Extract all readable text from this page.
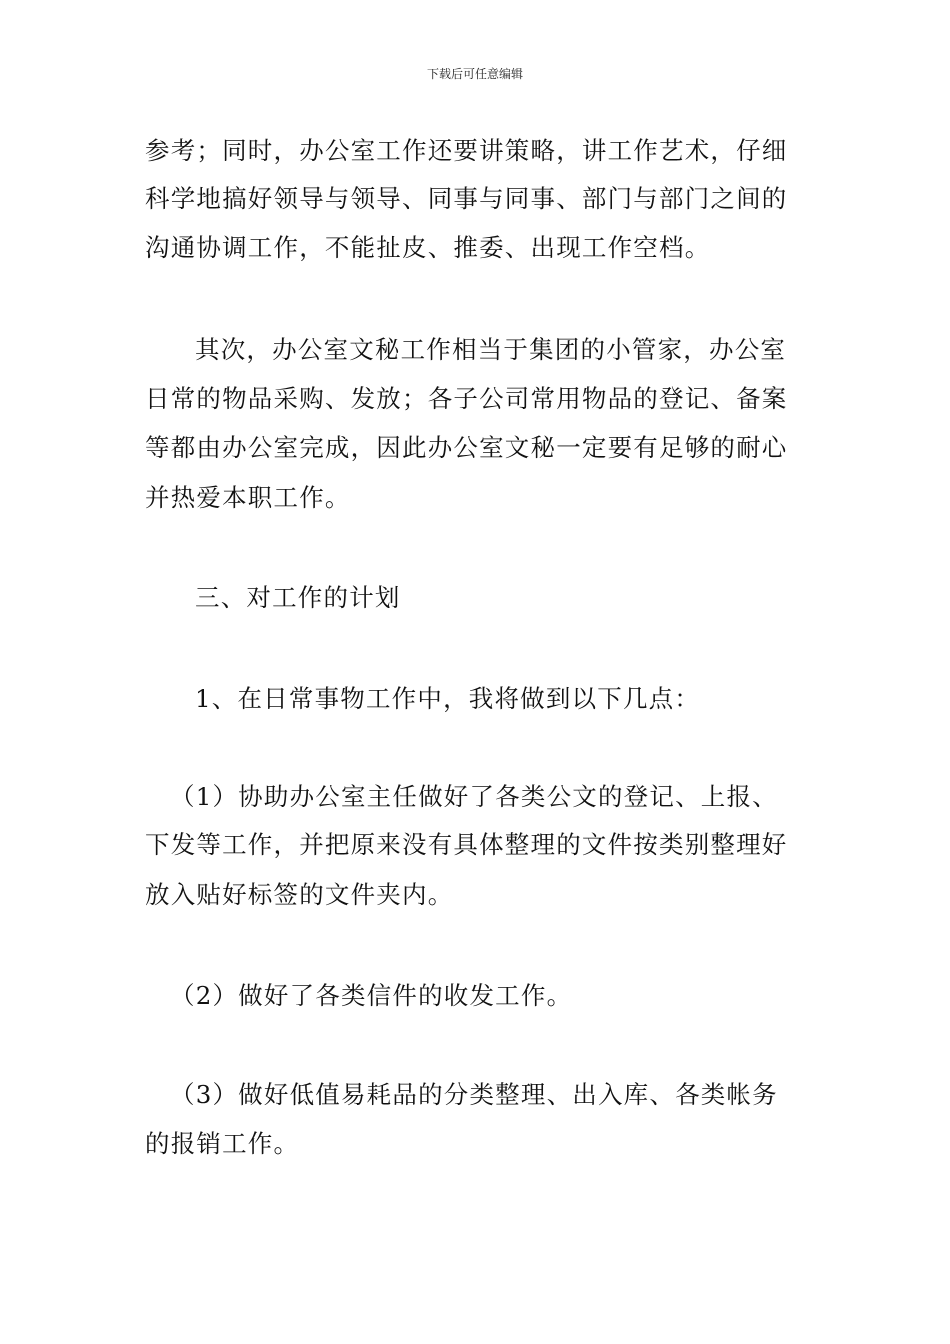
下载后可任意编辑
参考；同时，办公室工作还要讲策略，讲工作艺术，仔细
科学地搞好领导与领导、同事与同事、部门与部门之间的
沟通协调工作，不能扯皮、推委、出现工作空档。
其次，办公室文秘工作相当于集团的小管家，办公室
日常的物品采购、发放；各子公司常用物品的登记、备案
等都由办公室完成，因此办公室文秘一定要有足够的耐心
并热爱本职工作。
三、对工作的计划
1、在日常事物工作中，我将做到以下几点：
（1）协助办公室主任做好了各类公文的登记、上报、
下发等工作，并把原来没有具体整理的文件按类别整理好
放入贴好标签的文件夹内。
（2）做好了各类信件的收发工作。
（3）做好低值易耗品的分类整理、出入库、各类帐务
的报销工作。
